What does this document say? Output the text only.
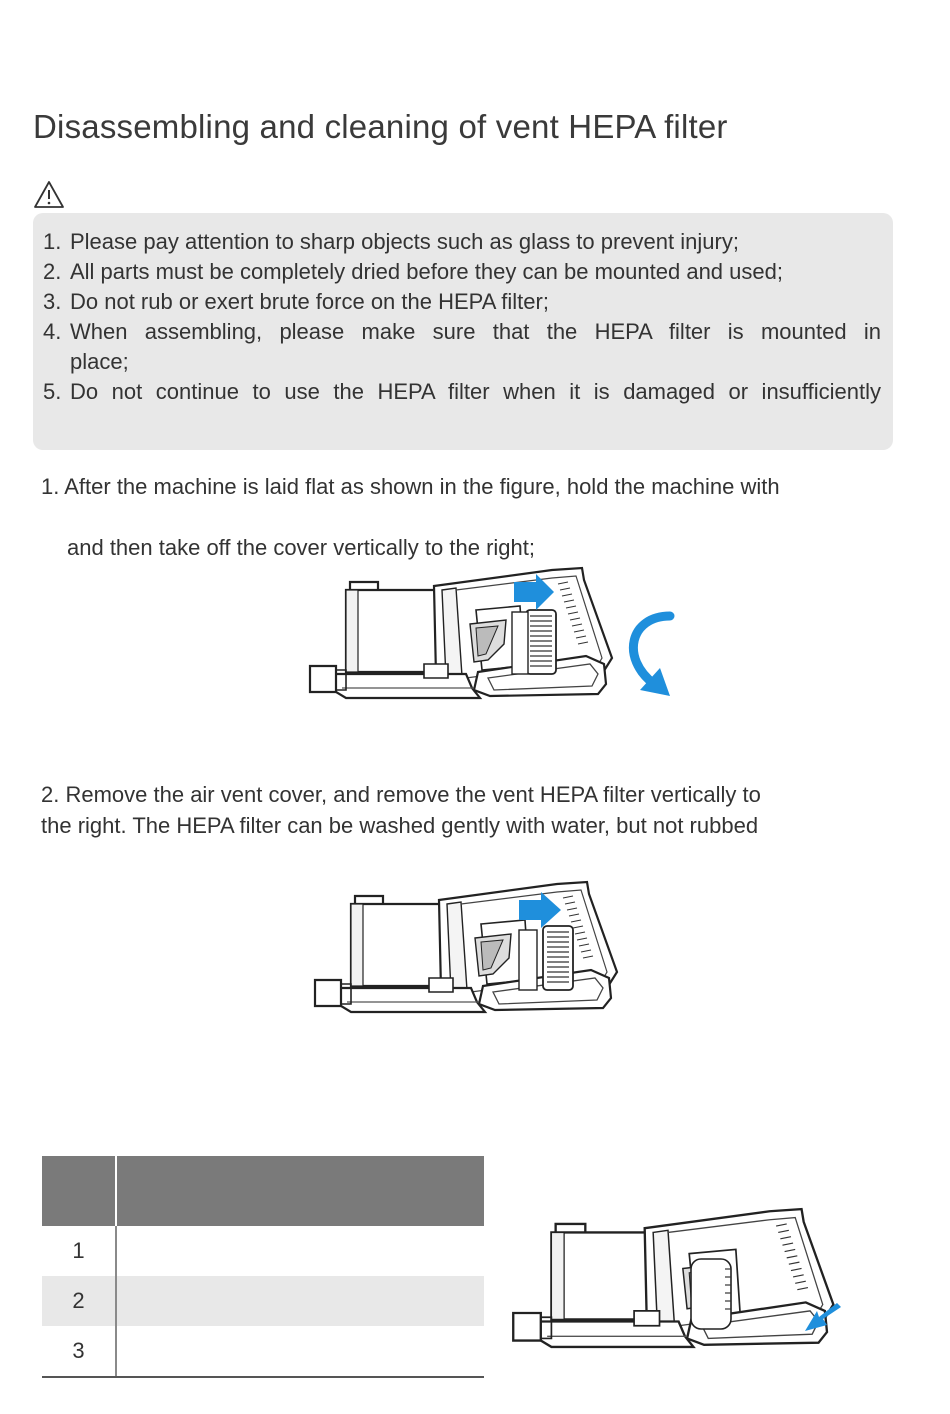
Disassembling and cleaning of vent HEPA filter
1. Please pay attention to sharp objects such as glass to prevent injury;
2. All parts must be completely dried before they can be mounted and used;
3. Do not rub or exert brute force on the HEPA filter;
4. When assembling, please make sure that the HEPA filter is mounted in
place;
5. Do not continue to use the HEPA filter when it is damaged or insufficiently
1. After the machine is laid flat as shown in the figure, hold the machine with
and then take off the cover vertically to the right;
2. Remove the air vent cover, and remove the vent HEPA filter vertically to
the right. The HEPA filter can be washed gently with water, but not rubbed

1	
2	
3	
